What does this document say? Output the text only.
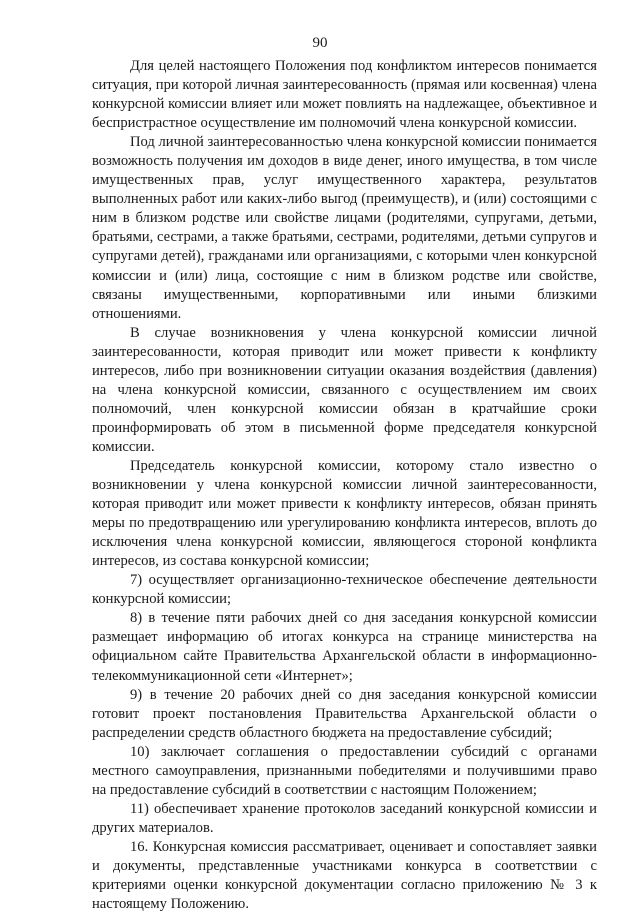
90

Для целей настоящего Положения под конфликтом интересов понимается ситуация, при которой личная заинтересованность (прямая или косвенная) члена конкурсной комиссии влияет или может повлиять на надлежащее, объективное и беспристрастное осуществление им полномочий члена конкурсной комиссии.

Под личной заинтересованностью члена конкурсной комиссии понимается возможность получения им доходов в виде денег, иного имущества, в том числе имущественных прав, услуг имущественного характера, результатов выполненных работ или каких-либо выгод (преимуществ), и (или) состоящими с ним в близком родстве или свойстве лицами (родителями, супругами, детьми, братьями, сестрами, а также братьями, сестрами, родителями, детьми супругов и супругами детей), гражданами или организациями, с которыми член конкурсной комиссии и (или) лица, состоящие с ним в близком родстве или свойстве, связаны имущественными, корпоративными или иными близкими отношениями.

В случае возникновения у члена конкурсной комиссии личной заинтересованности, которая приводит или может привести к конфликту интересов, либо при возникновении ситуации оказания воздействия (давления) на члена конкурсной комиссии, связанного с осуществлением им своих полномочий, член конкурсной комиссии обязан в кратчайшие сроки проинформировать об этом в письменной форме председателя конкурсной комиссии.

Председатель конкурсной комиссии, которому стало известно о возникновении у члена конкурсной комиссии личной заинтересованности, которая приводит или может привести к конфликту интересов, обязан принять меры по предотвращению или урегулированию конфликта интересов, вплоть до исключения члена конкурсной комиссии, являющегося стороной конфликта интересов, из состава конкурсной комиссии;

7) осуществляет организационно-техническое обеспечение деятельности конкурсной комиссии;

8) в течение пяти рабочих дней со дня заседания конкурсной комиссии размещает информацию об итогах конкурса на странице министерства на официальном сайте Правительства Архангельской области в информационно-телекоммуникационной сети «Интернет»;

9) в течение 20 рабочих дней со дня заседания конкурсной комиссии готовит проект постановления Правительства Архангельской области о распределении средств областного бюджета на предоставление субсидий;

10) заключает соглашения о предоставлении субсидий с органами местного самоуправления, признанными победителями и получившими право на предоставление субсидий в соответствии с настоящим Положением;

11) обеспечивает хранение протоколов заседаний конкурсной комиссии и других материалов.

16. Конкурсная комиссия рассматривает, оценивает и сопоставляет заявки и документы, представленные участниками конкурса в соответствии с критериями оценки конкурсной документации согласно приложению № 3 к настоящему Положению.
